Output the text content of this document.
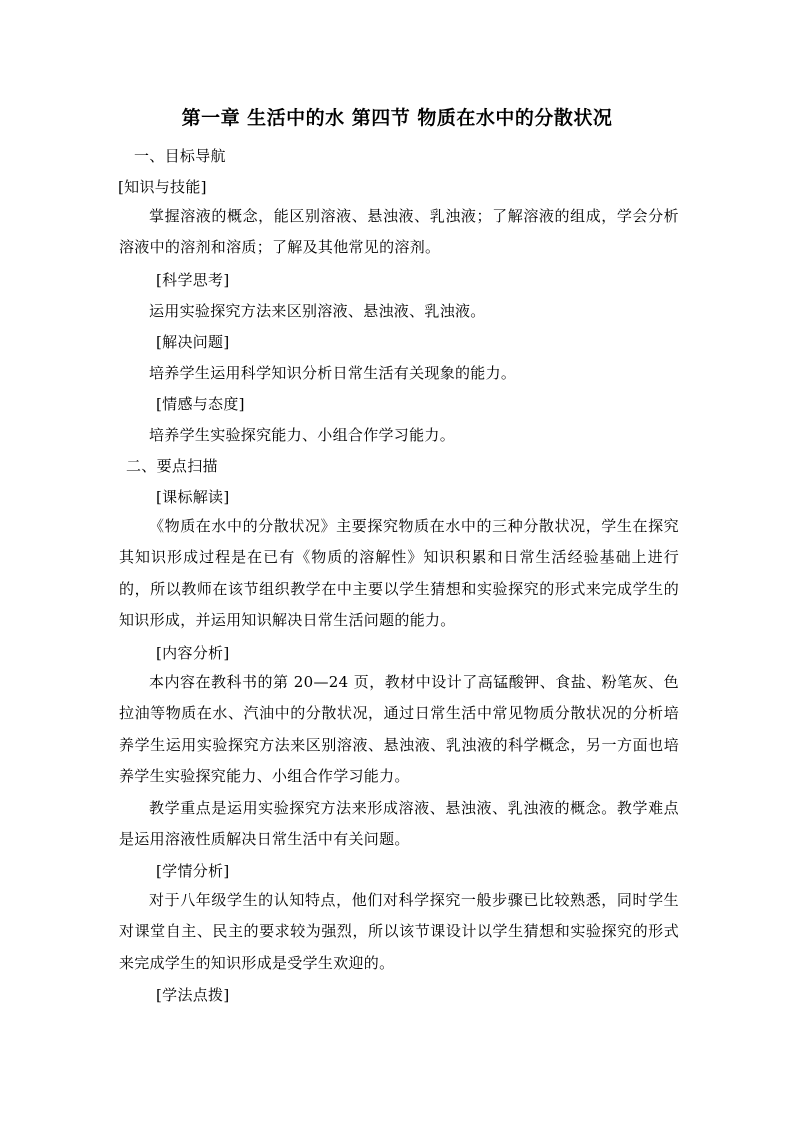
第一章 生活中的水 第四节 物质在水中的分散状况
一、目标导航
[知识与技能]

掌握溶液的概念，能区别溶液、悬浊液、乳浊液；了解溶液的组成，学会分析溶液中的溶剂和溶质；了解及其他常见的溶剂。

[科学思考]
运用实验探究方法来区别溶液、悬浊液、乳浊液。
[解决问题]
培养学生运用科学知识分析日常生活有关现象的能力。
[情感与态度]
培养学生实验探究能力、小组合作学习能力。
二、要点扫描
[课标解读]

《物质在水中的分散状况》主要探究物质在水中的三种分散状况，学生在探究其知识形成过程是在已有《物质的溶解性》知识积累和日常生活经验基础上进行的，所以教师在该节组织教学在中主要以学生猜想和实验探究的形式来完成学生的知识形成，并运用知识解决日常生活问题的能力。

[内容分析]

本内容在教科书的第 20—24 页，教材中设计了高锰酸钾、食盐、粉笔灰、色拉油等物质在水、汽油中的分散状况，通过日常生活中常见物质分散状况的分析培养学生运用实验探究方法来区别溶液、悬浊液、乳浊液的科学概念，另一方面也培养学生实验探究能力、小组合作学习能力。

教学重点是运用实验探究方法来形成溶液、悬浊液、乳浊液的概念。教学难点是运用溶液性质解决日常生活中有关问题。

[学情分析]

对于八年级学生的认知特点，他们对科学探究一般步骤已比较熟悉，同时学生对课堂自主、民主的要求较为强烈，所以该节课设计以学生猜想和实验探究的形式来完成学生的知识形成是受学生欢迎的。

[学法点拨]
